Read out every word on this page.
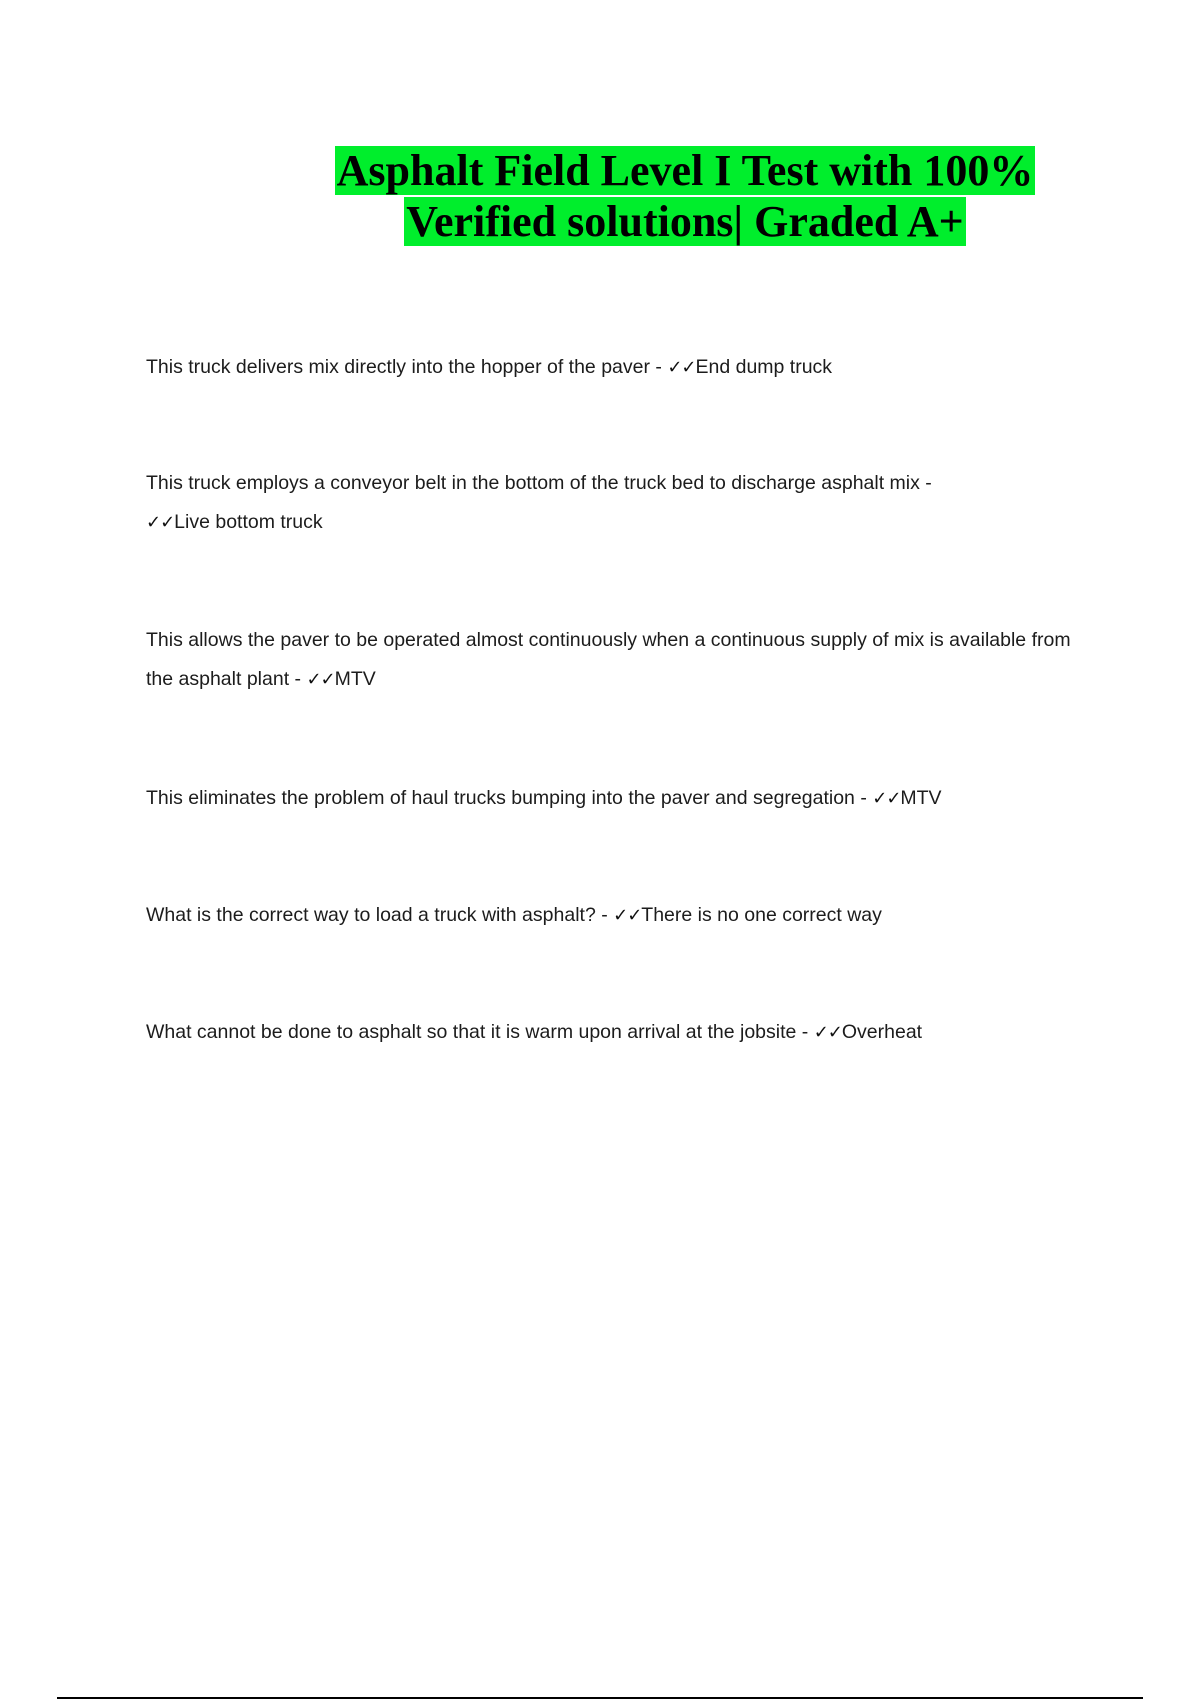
Asphalt Field Level I Test with 100%
Verified solutions| Graded A+
This truck delivers mix directly into the hopper of the paver - ✓✓End dump truck
This truck employs a conveyor belt in the bottom of the truck bed to discharge asphalt mix -
✓✓Live bottom truck
This allows the paver to be operated almost continuously when a continuous supply of mix is available from the asphalt plant - ✓✓MTV
This eliminates the problem of haul trucks bumping into the paver and segregation - ✓✓MTV
What is the correct way to load a truck with asphalt? - ✓✓There is no one correct way
What cannot be done to asphalt so that it is warm upon arrival at the jobsite - ✓✓Overheat
